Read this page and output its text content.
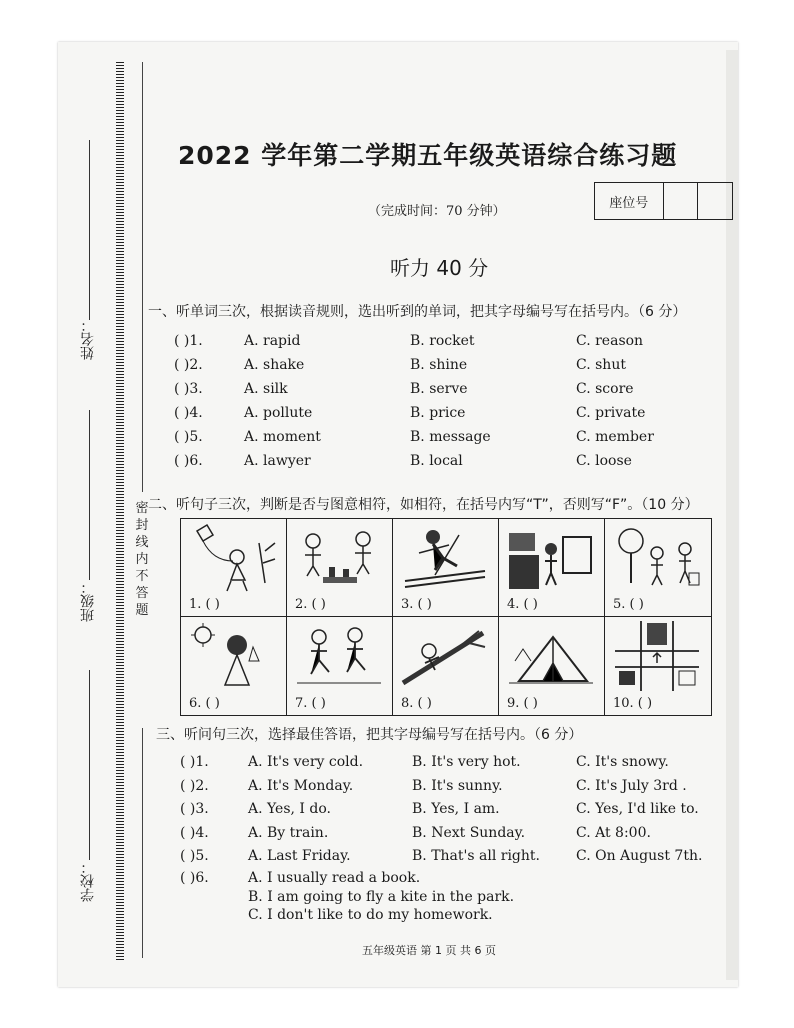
密封线内不答题
姓名：
班级：
学校：
2022 学年第二学期五年级英语综合练习题
（完成时间：70 分钟）
座位号
听力 40 分
一、听单词三次，根据读音规则，选出听到的单词，把其字母编号写在括号内。（6 分）
( )1.	A. rapid	B. rocket	C. reason
( )2.	A. shake	B. shine	C. shut
( )3.	A. silk	B. serve	C. score
( )4.	A. pollute	B. price	C. private
( )5.	A. moment	B. message	C. member
( )6.	A. lawyer	B. local	C. loose
二、听句子三次，判断是否与图意相符，如相符，在括号内写“T”，否则写“F”。（10 分）
1. ( )	2. ( )	3. ( )	4. ( )	5. ( )
6. ( )	7. ( )	8. ( )	9. ( )	10. ( )
三、听问句三次，选择最佳答语，把其字母编号写在括号内。（6 分）
( )1.	A. It's very cold.	B. It's very hot.	C. It's snowy.
( )2.	A. It's Monday.	B. It's sunny.	C. It's July 3rd .
( )3.	A. Yes, I do.	B. Yes, I am.	C. Yes, I'd like to.
( )4.	A. By train.	B. Next Sunday.	C. At 8:00.
( )5.	A. Last Friday.	B. That's all right.	C. On August 7th.
( )6.	A. I usually read a book.
B. I am going to fly a kite in the park.
C. I don't like to do my homework.
五年级英语 第 1 页 共 6 页
